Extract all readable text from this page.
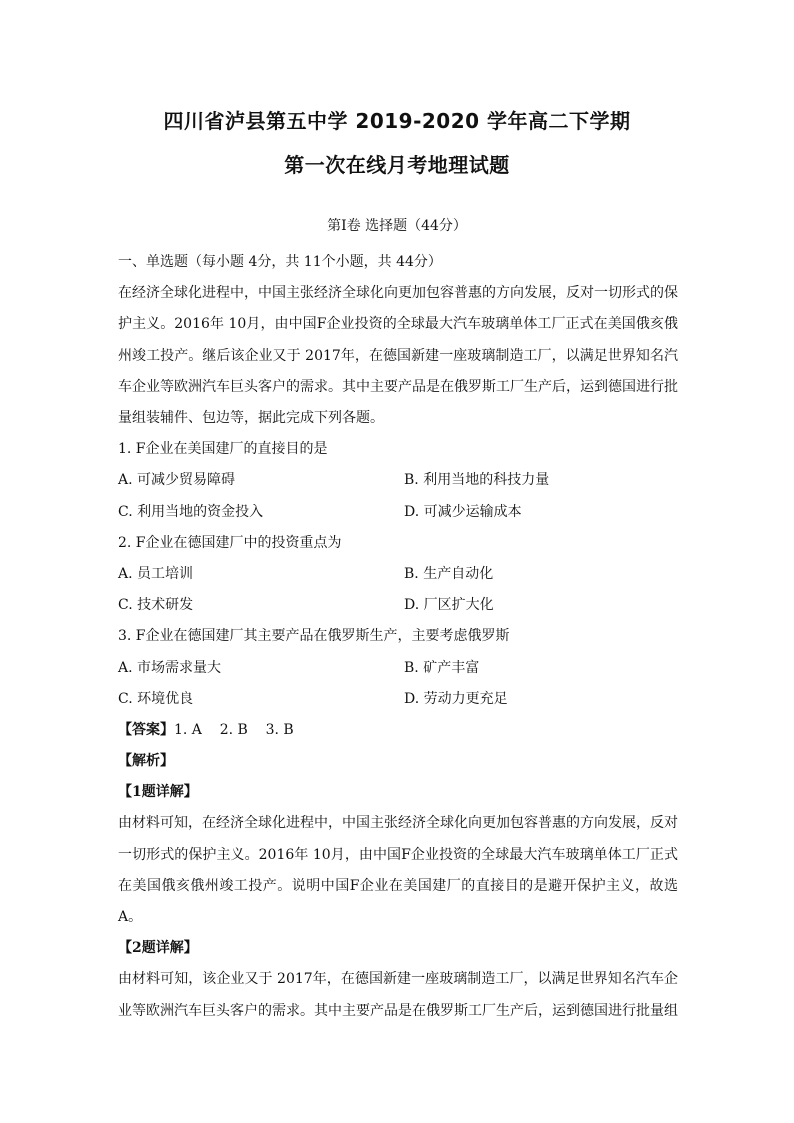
四川省泸县第五中学 2019-2020 学年高二下学期
第一次在线月考地理试题
第Ⅰ卷 选择题（44分）
一、单选题（每小题 4分，共 11个小题，共 44分）

在经济全球化进程中，中国主张经济全球化向更加包容普惠的方向发展，反对一切形式的保护主义。2016年 10月，由中国F企业投资的全球最大汽车玻璃单体工厂正式在美国俄亥俄州竣工投产。继后该企业又于 2017年，在德国新建一座玻璃制造工厂，以满足世界知名汽车企业等欧洲汽车巨头客户的需求。其中主要产品是在俄罗斯工厂生产后，运到德国进行批量组装辅件、包边等，据此完成下列各题。

1. F企业在美国建厂的直接目的是
A. 可减少贸易障碍	B. 利用当地的科技力量
C. 利用当地的资金投入	D. 可减少运输成本
2. F企业在德国建厂中的投资重点为
A. 员工培训	B. 生产自动化
C. 技术研发	D. 厂区扩大化
3. F企业在德国建厂其主要产品在俄罗斯生产，主要考虑俄罗斯
A. 市场需求量大	B. 矿产丰富
C. 环境优良	D. 劳动力更充足
【答案】1. A    2. B    3. B
【解析】
【1题详解】

由材料可知，在经济全球化进程中，中国主张经济全球化向更加包容普惠的方向发展，反对一切形式的保护主义。2016年 10月，由中国F企业投资的全球最大汽车玻璃单体工厂正式在美国俄亥俄州竣工投产。说明中国F企业在美国建厂的直接目的是避开保护主义，故选A。

【2题详解】

由材料可知，该企业又于 2017年，在德国新建一座玻璃制造工厂，以满足世界知名汽车企业等欧洲汽车巨头客户的需求。其中主要产品是在俄罗斯工厂生产后，运到德国进行批量组
